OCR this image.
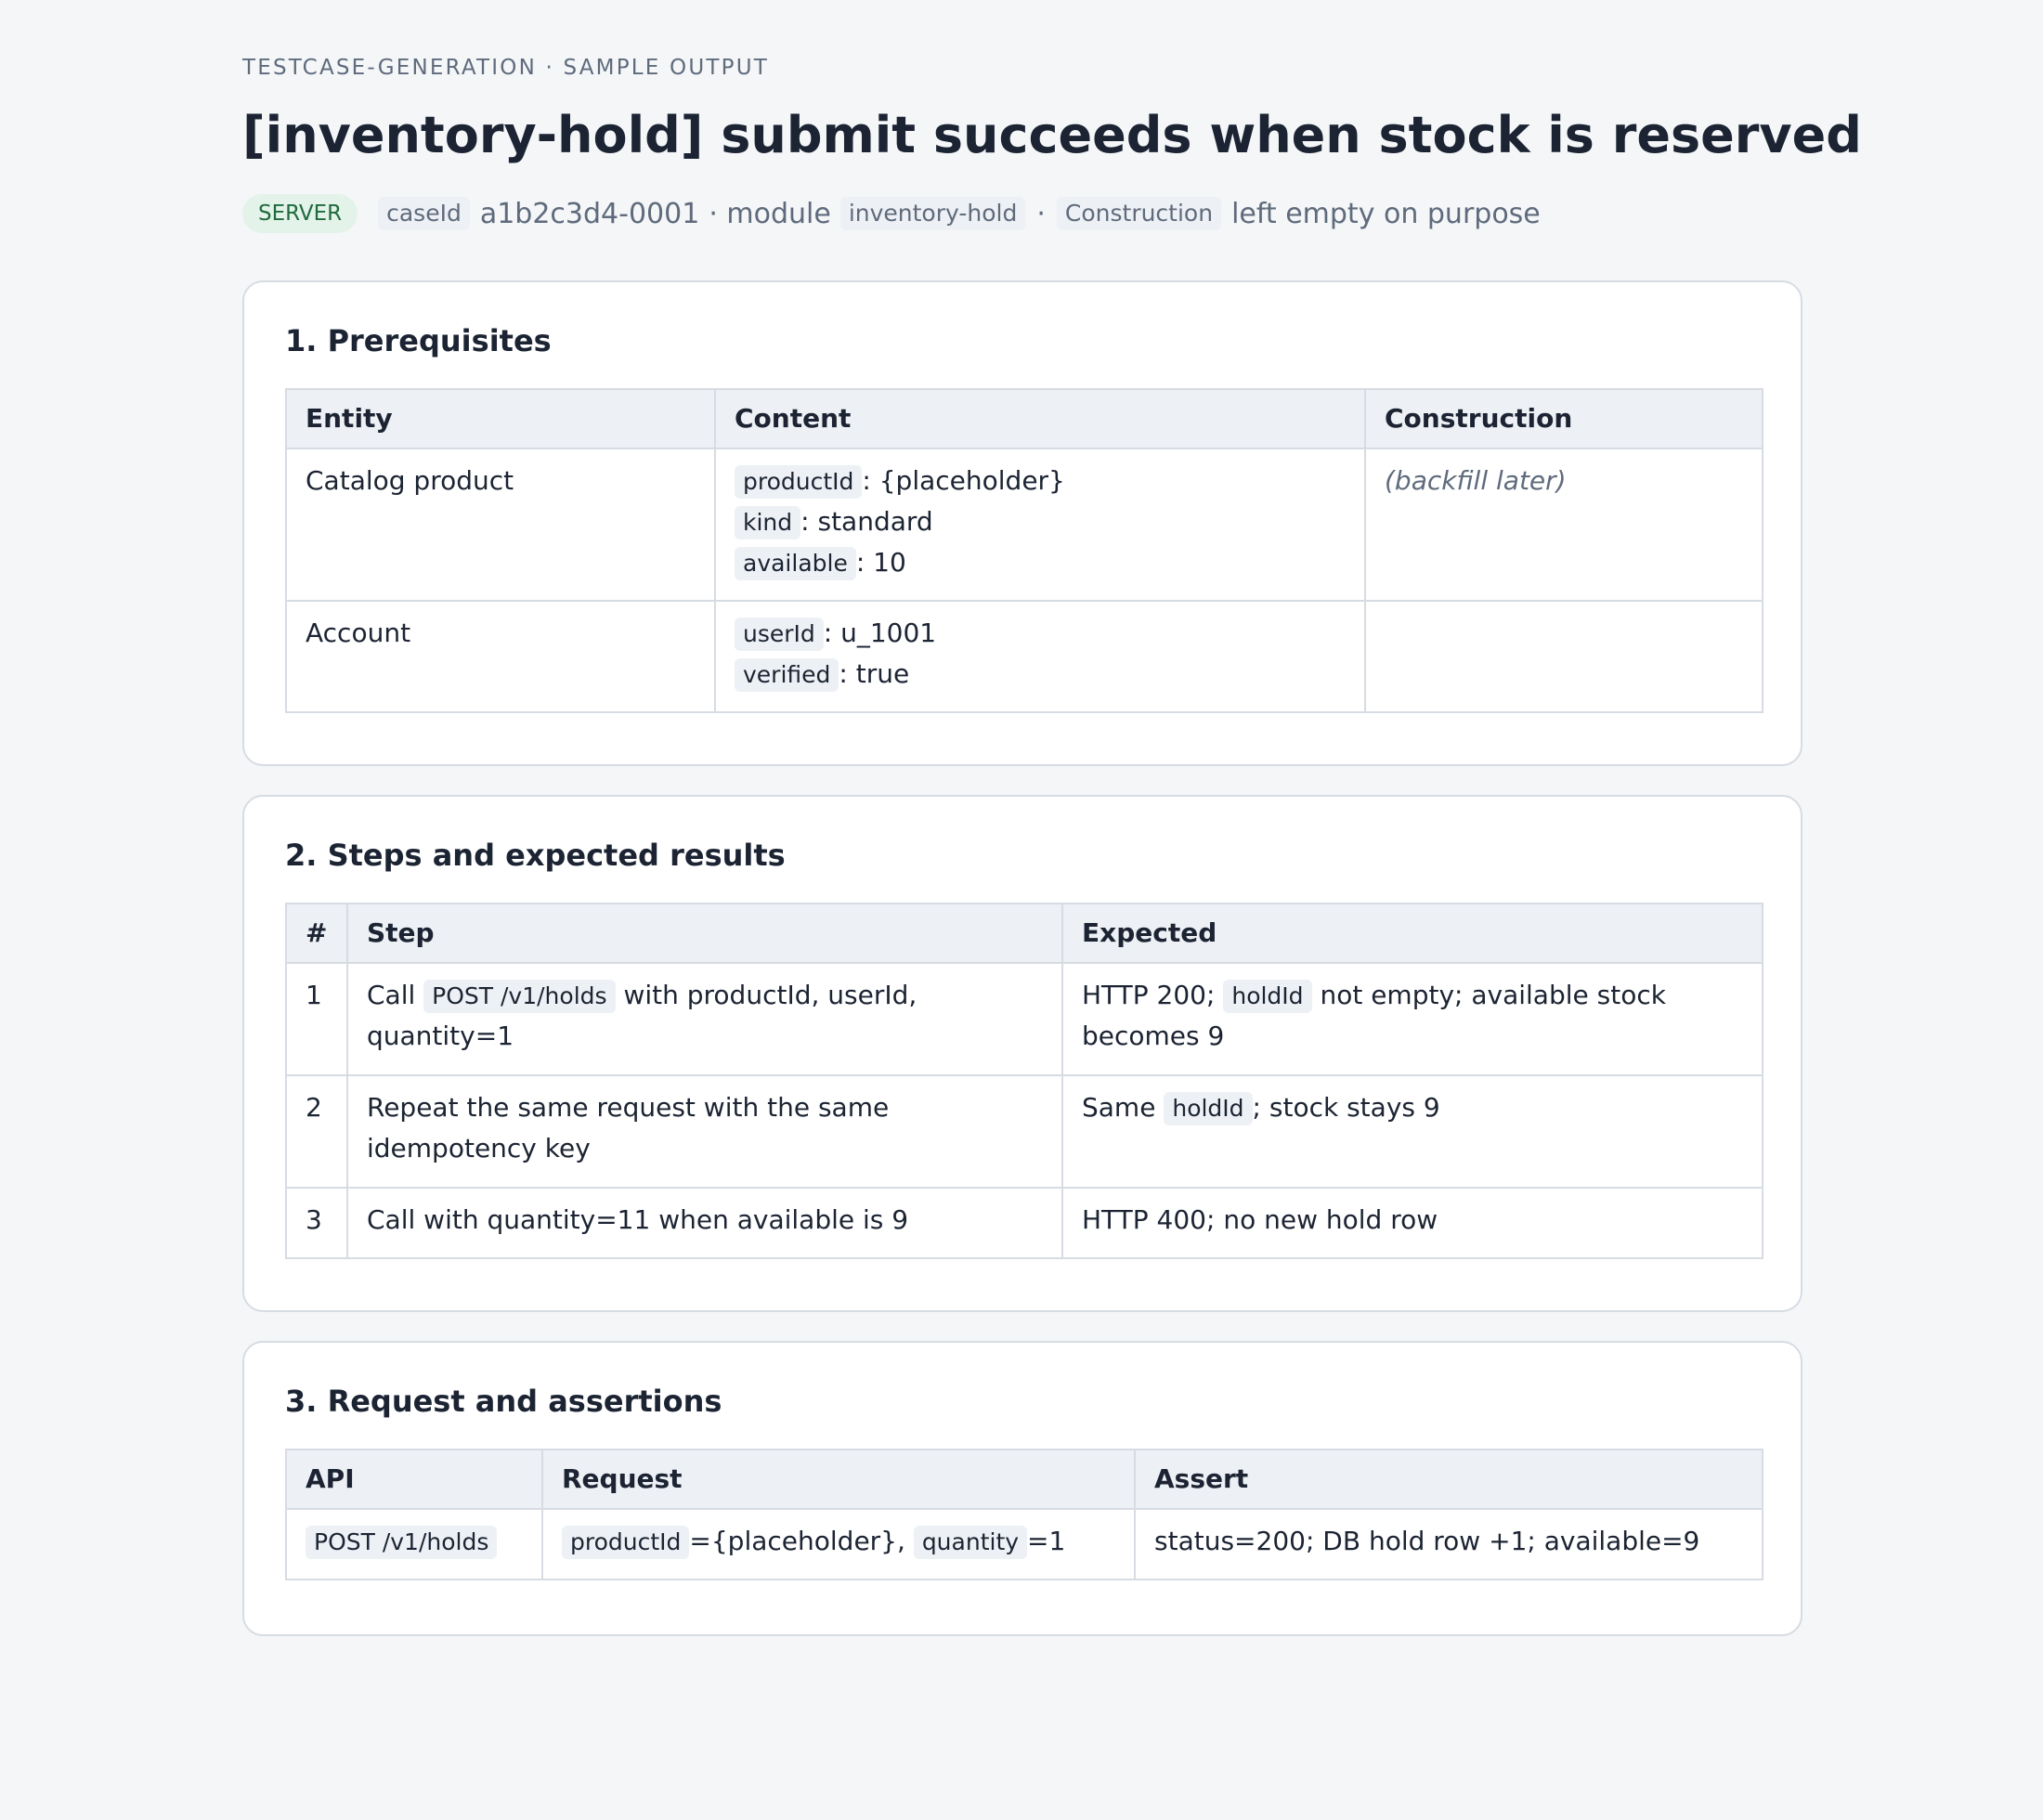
TESTCASE-GENERATION · SAMPLE OUTPUT
[inventory-hold] submit succeeds when stock is reserved
SERVER	caseId a1b2c3d4-0001 · module inventory-hold · Construction left empty on purpose
1. Prerequisites
Entity	Content	Construction
Catalog product	productId : {placeholder}
kind : standard
available : 10	(backfill later)
Account	userId : u_1001
verified : true	

2. Steps and expected results
#	Step	Expected
1	Call POST /v1/holds with productId, userId, quantity=1	HTTP 200; holdId not empty; available stock becomes 9
2	Repeat the same request with the same idempotency key	Same holdId ; stock stays 9
3	Call with quantity=11 when available is 9	HTTP 400; no new hold row
3. Request and assertions
API	Request	Assert
POST /v1/holds	productId ={placeholder}, quantity =1	status=200; DB hold row +1; available=9
